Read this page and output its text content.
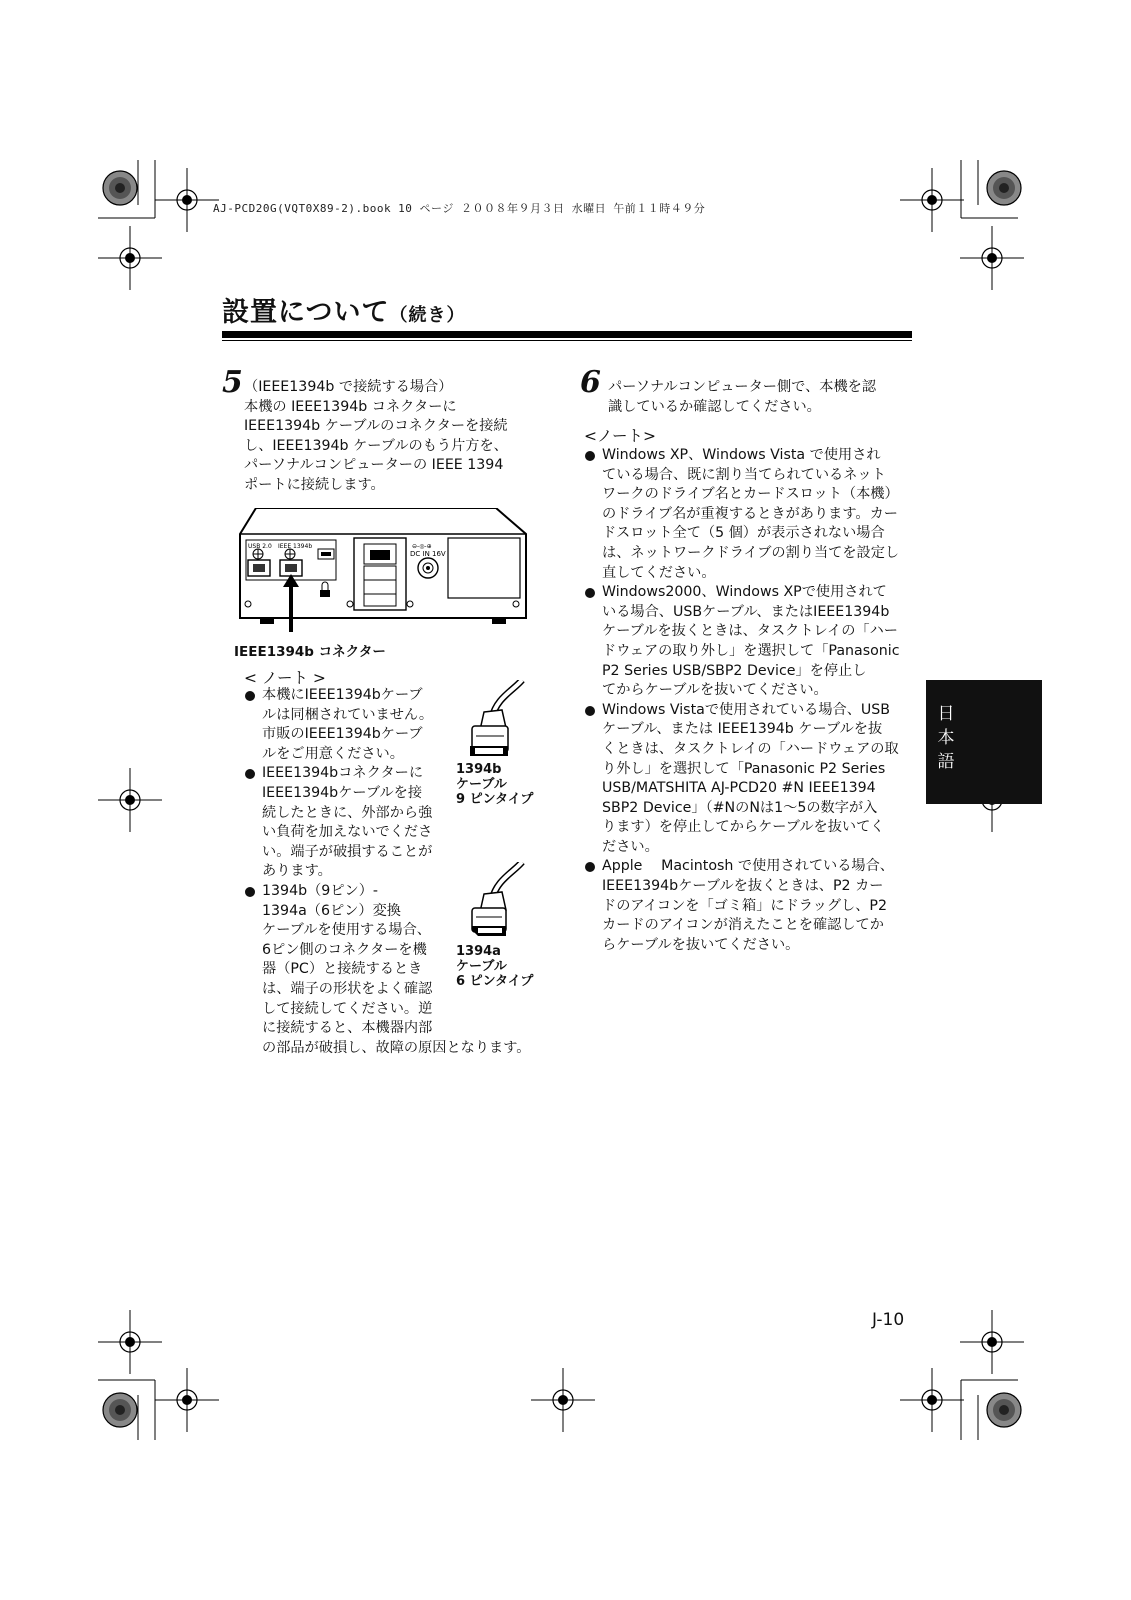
AJ-PCD20G(VQT0X89-2).book 10 ページ ２００８年９月３日 水曜日 午前１１時４９分
設置について（続き）
5 （IEEE1394b で接続する場合）
本機の IEEE1394b コネクターに
IEEE1394b ケーブルのコネクターを接続
し、IEEE1394b ケーブルのもう片方を、
パーソナルコンピューターの IEEE 1394
ポートに接続します。
USB 2.0 IEEE 1394b	⊖-◎-⊕
DC IN 16V
IEEE1394b コネクター
< ノート >
本機にIEEE1394bケーブ
ルは同梱されていません。
市販のIEEE1394bケーブ
ルをご用意ください。
IEEE1394bコネクターに
IEEE1394bケーブルを接
続したときに、外部から強
い負荷を加えないでくださ
い。端子が破損することが
あります。
1394b（9ピン）-
1394a（6ピン）変換
ケーブルを使用する場合、
6ピン側のコネクターを機
器（PC）と接続するとき
は、端子の形状をよく確認
して接続してください。逆
に接続すると、本機器内部
の部品が破損し、故障の原因となります。
1394b
ケーブル
9 ピンタイプ
1394a
ケーブル
6 ピンタイプ
6 パーソナルコンピューター側で、本機を認
識しているか確認してください。
<ノート>
Windows XP、Windows Vista で使用され
ている場合、既に割り当てられているネット
ワークのドライブ名とカードスロット（本機）
のドライブ名が重複するときがあります。カー
ドスロット全て（5 個）が表示されない場合
は、ネットワークドライブの割り当てを設定し
直してください。
Windows2000、Windows XPで使用されて
いる場合、USBケーブル、またはIEEE1394b
ケーブルを抜くときは、タスクトレイの「ハー
ドウェアの取り外し」を選択して「Panasonic
P2 Series USB/SBP2 Device」を停止し
てからケーブルを抜いてください。
Windows Vistaで使用されている場合、USB
ケーブル、または IEEE1394b ケーブルを抜
くときは、タスクトレイの「ハードウェアの取
り外し」を選択して「Panasonic P2 Series
USB/MATSHITA AJ-PCD20 #N IEEE1394
SBP2 Device」（#NのNは1～5の数字が入
ります）を停止してからケーブルを抜いてく
ださい。
Apple　 Macintosh で使用されている場合、
IEEE1394bケーブルを抜くときは、P2 カー
ドのアイコンを「ゴミ箱」にドラッグし、P2
カードのアイコンが消えたことを確認してか
らケーブルを抜いてください。
日
本
語
J-10
